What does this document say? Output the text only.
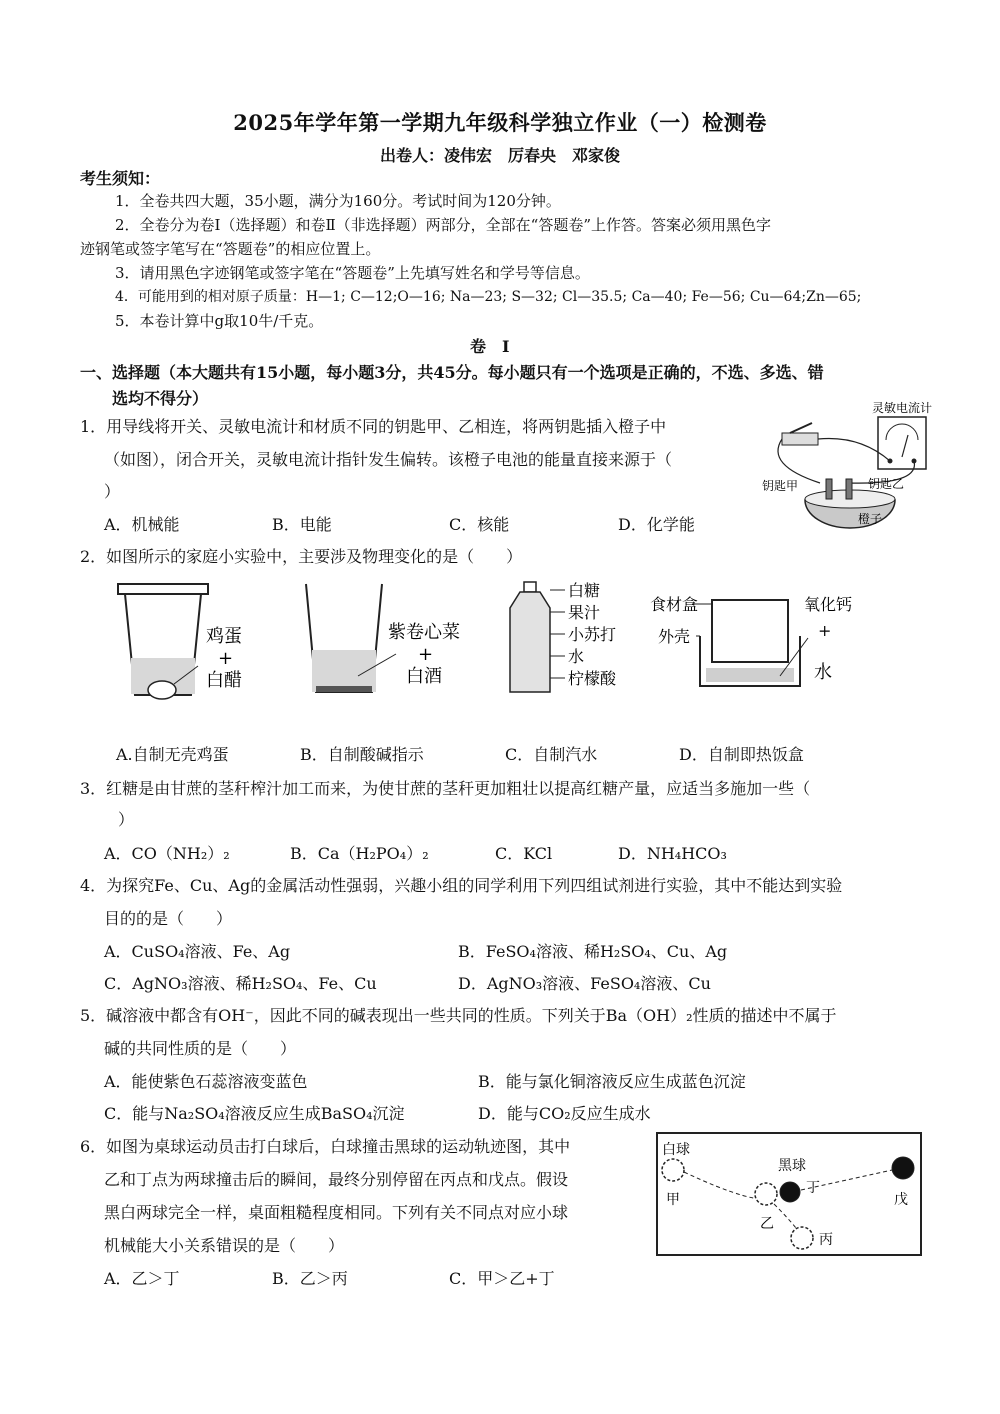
2025年学年第一学期九年级科学独立作业（一）检测卷
出卷人：凌伟宏　厉春央　邓家俊
考生须知：
1．全卷共四大题，35小题，满分为160分。考试时间为120分钟。
2．全卷分为卷Ⅰ（选择题）和卷Ⅱ（非选择题）两部分，全部在“答题卷”上作答。答案必须用黑色字
迹钢笔或签字笔写在“答题卷”的相应位置上。
3．请用黑色字迹钢笔或签字笔在“答题卷”上先填写姓名和学号等信息。
4．可能用到的相对原子质量：H—1; C—12;O—16; Na—23; S—32; Cl—35.5; Ca—40; Fe—56; Cu—64;Zn—65;
5．本卷计算中g取10牛/千克。
卷　Ⅰ
一、选择题（本大题共有15小题，每小题3分，共45分。每小题只有一个选项是正确的，不选、多选、错
选均不得分）
1．用导线将开关、灵敏电流计和材质不同的钥匙甲、乙相连，将两钥匙插入橙子中
（如图），闭合开关，灵敏电流计指针发生偏转。该橙子电池的能量直接来源于（
）
A．机械能	B．电能	C．核能	D．化学能
灵敏电流计
钥匙甲	钥匙乙
橙子
2．如图所示的家庭小实验中，主要涉及物理变化的是（　　）
鸡蛋
+
白醋
紫卷心菜
+
白酒
白糖
果汁
小苏打
水
柠檬酸
食材盒
外壳
氧化钙
+
水
A.自制无壳鸡蛋	B．自制酸碱指示	C．自制汽水	D．自制即热饭盒
3．红糖是由甘蔗的茎秆榨汁加工而来，为使甘蔗的茎秆更加粗壮以提高红糖产量，应适当多施加一些（
）
A．CO（NH₂）₂	B．Ca（H₂PO₄）₂	C．KCl	D．NH₄HCO₃
4．为探究Fe、Cu、Ag的金属活动性强弱，兴趣小组的同学利用下列四组试剂进行实验，其中不能达到实验
目的的是（　　）
A．CuSO₄溶液、Fe、Ag	B．FeSO₄溶液、稀H₂SO₄、Cu、Ag
C．AgNO₃溶液、稀H₂SO₄、Fe、Cu	D．AgNO₃溶液、FeSO₄溶液、Cu
5．碱溶液中都含有OH⁻，因此不同的碱表现出一些共同的性质。下列关于Ba（OH）₂性质的描述中不属于
碱的共同性质的是（　　）
A．能使紫色石蕊溶液变蓝色	B．能与氯化铜溶液反应生成蓝色沉淀
C．能与Na₂SO₄溶液反应生成BaSO₄沉淀	D．能与CO₂反应生成水
6．如图为桌球运动员击打白球后，白球撞击黑球的运动轨迹图，其中
乙和丁点为两球撞击后的瞬间，最终分别停留在丙点和戊点。假设
黑白两球完全一样，桌面粗糙程度相同。下列有关不同点对应小球
机械能大小关系错误的是（　　）
A．乙＞丁	B．乙＞丙	C．甲＞乙+丁
白球
黑球
甲
乙
丙
丁
戊
